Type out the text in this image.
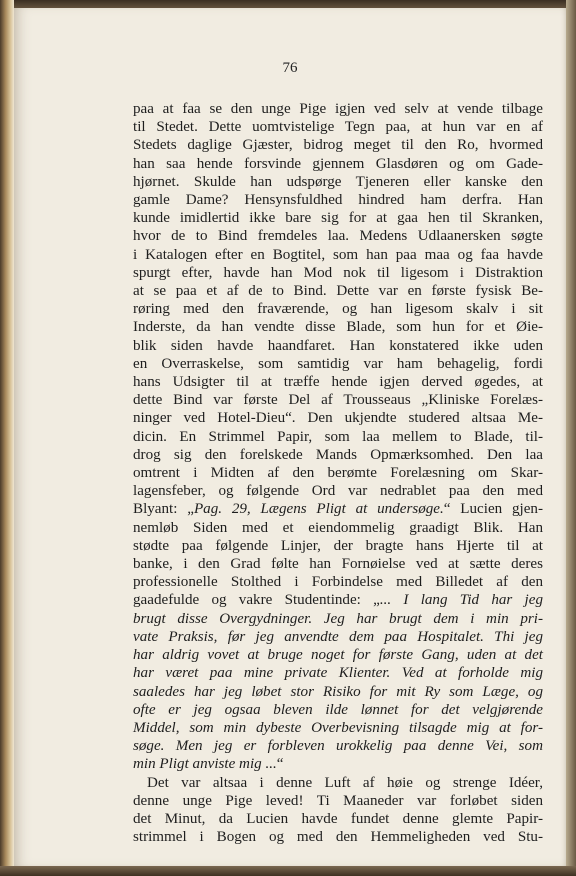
76
paa at faa se den unge Pige igjen ved selv at vende tilbage
til Stedet. Dette uomtvistelige Tegn paa, at hun var en af
Stedets daglige Gjæster, bidrog meget til den Ro, hvormed
han saa hende forsvinde gjennem Glasdøren og om Gade-
hjørnet. Skulde han udspørge Tjeneren eller kanske den
gamle Dame? Hensynsfuldhed hindred ham derfra. Han
kunde imidlertid ikke bare sig for at gaa hen til Skranken,
hvor de to Bind fremdeles laa. Medens Udlaanersken søgte
i Katalogen efter en Bogtitel, som han paa maa og faa havde
spurgt efter, havde han Mod nok til ligesom i Distraktion
at se paa et af de to Bind. Dette var en første fysisk Be-
røring med den fraværende, og han ligesom skalv i sit
Inderste, da han vendte disse Blade, som hun for et Øie-
blik siden havde haandfaret. Han konstatered ikke uden
en Overraskelse, som samtidig var ham behagelig, fordi
hans Udsigter til at træffe hende igjen derved øgedes, at
dette Bind var første Del af Trousseaus „Kliniske Forelæs-
ninger ved Hotel-Dieu“. Den ukjendte studered altsaa Me-
dicin. En Strimmel Papir, som laa mellem to Blade, til-
drog sig den forelskede Mands Opmærksomhed. Den laa
omtrent i Midten af den berømte Forelæsning om Skar-
lagensfeber, og følgende Ord var nedrablet paa den med
Blyant: „Pag. 29, Lægens Pligt at undersøge.“ Lucien gjen-
nemløb Siden med et eiendommelig graadigt Blik. Han
stødte paa følgende Linjer, der bragte hans Hjerte til at
banke, i den Grad følte han Fornøielse ved at sætte deres
professionelle Stolthed i Forbindelse med Billedet af den
gaadefulde og vakre Studentinde: „... I lang Tid har jeg
brugt disse Overgydninger. Jeg har brugt dem i min pri-
vate Praksis, før jeg anvendte dem paa Hospitalet. Thi jeg
har aldrig vovet at bruge noget for første Gang, uden at det
har været paa mine private Klienter. Ved at forholde mig
saaledes har jeg løbet stor Risiko for mit Ry som Læge, og
ofte er jeg ogsaa bleven ilde lønnet for det velgjørende
Middel, som min dybeste Overbevisning tilsagde mig at for-
søge. Men jeg er forbleven urokkelig paa denne Vei, som
min Pligt anviste mig ...“
Det var altsaa i denne Luft af høie og strenge Idéer,
denne unge Pige leved! Ti Maaneder var forløbet siden
det Minut, da Lucien havde fundet denne glemte Papir-
strimmel i Bogen og med den Hemmeligheden ved Stu-
